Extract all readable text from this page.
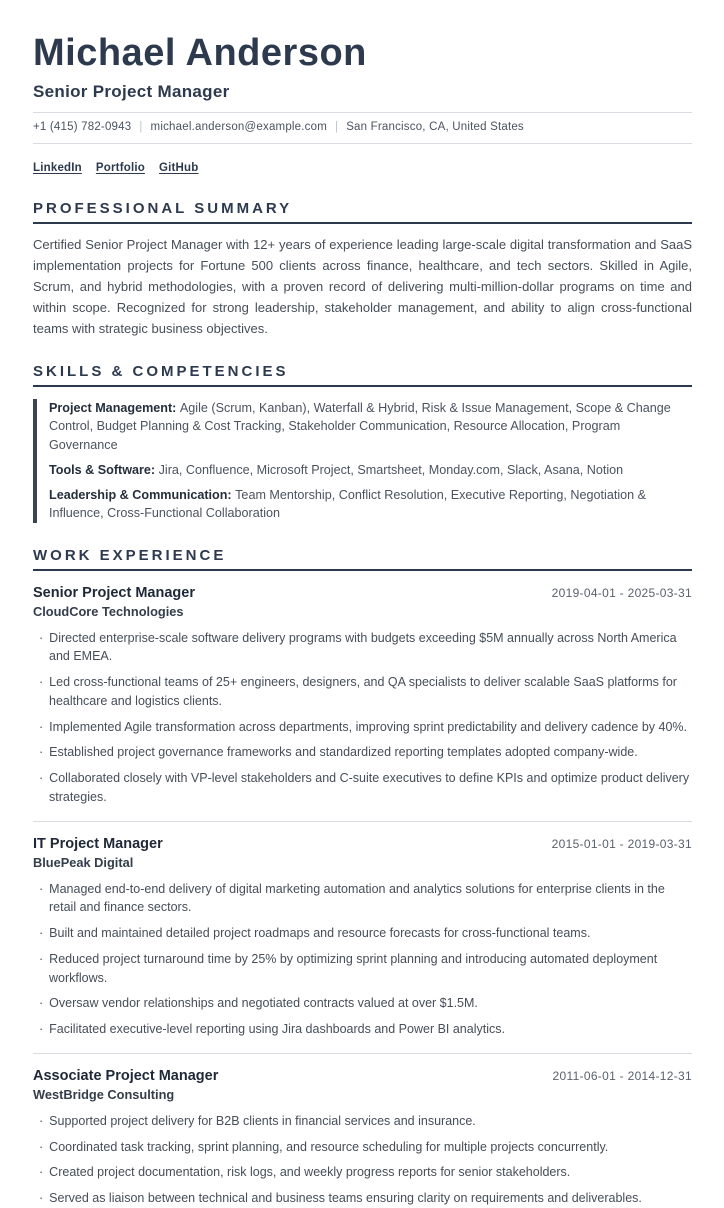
Michael Anderson
Senior Project Manager
+1 (415) 782-0943 | michael.anderson@example.com | San Francisco, CA, United States
LinkedIn Portfolio GitHub
PROFESSIONAL SUMMARY

Certified Senior Project Manager with 12+ years of experience leading large-scale digital transformation and SaaS implementation projects for Fortune 500 clients across finance, healthcare, and tech sectors. Skilled in Agile, Scrum, and hybrid methodologies, with a proven record of delivering multi-million-dollar programs on time and within scope. Recognized for strong leadership, stakeholder management, and ability to align cross-functional teams with strategic business objectives.

SKILLS & COMPETENCIES

Project Management: Agile (Scrum, Kanban), Waterfall & Hybrid, Risk & Issue Management, Scope & Change Control, Budget Planning & Cost Tracking, Stakeholder Communication, Resource Allocation, Program Governance

Tools & Software: Jira, Confluence, Microsoft Project, Smartsheet, Monday.com, Slack, Asana, Notion

Leadership & Communication: Team Mentorship, Conflict Resolution, Executive Reporting, Negotiation & Influence, Cross-Functional Collaboration

WORK EXPERIENCE
Senior Project Manager	2019-04-01 - 2025-03-31

CloudCore Technologies

· Directed enterprise-scale software delivery programs with budgets exceeding $5M annually across North America and EMEA.
· Led cross-functional teams of 25+ engineers, designers, and QA specialists to deliver scalable SaaS platforms for healthcare and logistics clients.
· Implemented Agile transformation across departments, improving sprint predictability and delivery cadence by 40%.
· Established project governance frameworks and standardized reporting templates adopted company-wide.
· Collaborated closely with VP-level stakeholders and C-suite executives to define KPIs and optimize product delivery strategies.
IT Project Manager	2015-01-01 - 2019-03-31

BluePeak Digital

· Managed end-to-end delivery of digital marketing automation and analytics solutions for enterprise clients in the retail and finance sectors.
· Built and maintained detailed project roadmaps and resource forecasts for cross-functional teams.
· Reduced project turnaround time by 25% by optimizing sprint planning and introducing automated deployment workflows.
· Oversaw vendor relationships and negotiated contracts valued at over $1.5M.
· Facilitated executive-level reporting using Jira dashboards and Power BI analytics.
Associate Project Manager	2011-06-01 - 2014-12-31

WestBridge Consulting

· Supported project delivery for B2B clients in financial services and insurance.
· Coordinated task tracking, sprint planning, and resource scheduling for multiple projects concurrently.
· Created project documentation, risk logs, and weekly progress reports for senior stakeholders.
· Served as liaison between technical and business teams ensuring clarity on requirements and deliverables.
